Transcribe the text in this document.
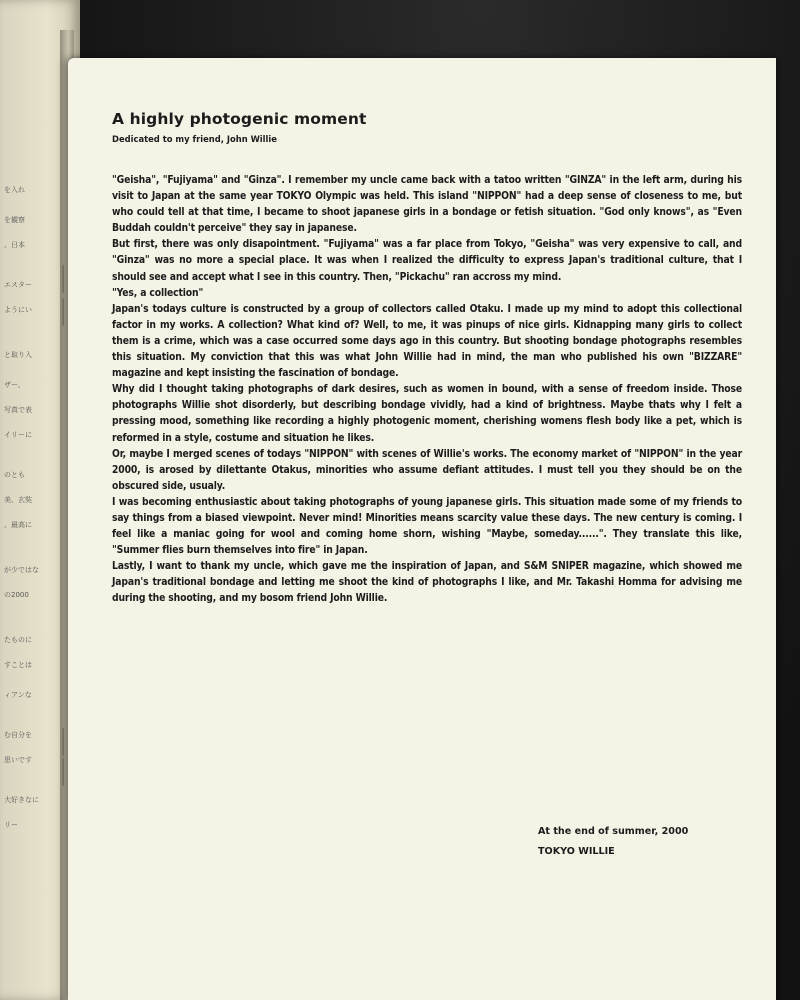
を入れ
を観察
、日本
エスター
ようにい
と取り入
ザー、
写真で表
イリーに
のとも
美、玄奘
、最高に
が少ではな
の2000
たものに
すことは
ィアンな
む自分を
思いです
大好きなに
リー
A highly photogenic moment
Dedicated to my friend, John Willie

"Geisha", "Fujiyama" and "Ginza". I remember my uncle came back with a tatoo written "GINZA" in the left arm, during his visit to Japan at the same year TOKYO Olympic was held. This island "NIPPON" had a deep sense of closeness to me, but who could tell at that time, I became to shoot japanese girls in a bondage or fetish situation. "God only knows", as "Even Buddah couldn't perceive" they say in japanese.

But first, there was only disapointment. "Fujiyama" was a far place from Tokyo, "Geisha" was very expensive to call, and "Ginza" was no more a special place. It was when I realized the difficulty to express Japan's traditional culture, that I should see and accept what I see in this country. Then, "Pickachu" ran accross my mind.

"Yes, a collection"

Japan's todays culture is constructed by a group of collectors called Otaku. I made up my mind to adopt this collectional factor in my works. A collection? What kind of? Well, to me, it was pinups of nice girls. Kidnapping many girls to collect them is a crime, which was a case occurred some days ago in this country. But shooting bondage photographs resembles this situation. My conviction that this was what John Willie had in mind, the man who published his own "BIZZARE" magazine and kept insisting the fascination of bondage.

Why did I thought taking photographs of dark desires, such as women in bound, with a sense of freedom inside. Those photographs Willie shot disorderly, but describing bondage vividly, had a kind of brightness. Maybe thats why I felt a pressing mood, something like recording a highly photogenic moment, cherishing womens flesh body like a pet, which is reformed in a style, costume and situation he likes.

Or, maybe I merged scenes of todays "NIPPON" with scenes of Willie's works. The economy market of "NIPPON" in the year 2000, is arosed by dilettante Otakus, minorities who assume defiant attitudes. I must tell you they should be on the obscured side, usualy.

I was becoming enthusiastic about taking photographs of young japanese girls. This situation made some of my friends to say things from a biased viewpoint. Never mind! Minorities means scarcity value these days. The new century is coming. I feel like a maniac going for wool and coming home shorn, wishing "Maybe, someday......". They translate this like, "Summer flies burn themselves into fire" in Japan.

Lastly, I want to thank my uncle, which gave me the inspiration of Japan, and S&M SNIPER magazine, which showed me Japan's traditional bondage and letting me shoot the kind of photographs I like, and Mr. Takashi Homma for advising me during the shooting, and my bosom friend John Willie.

At the end of summer, 2000
TOKYO WILLIE
